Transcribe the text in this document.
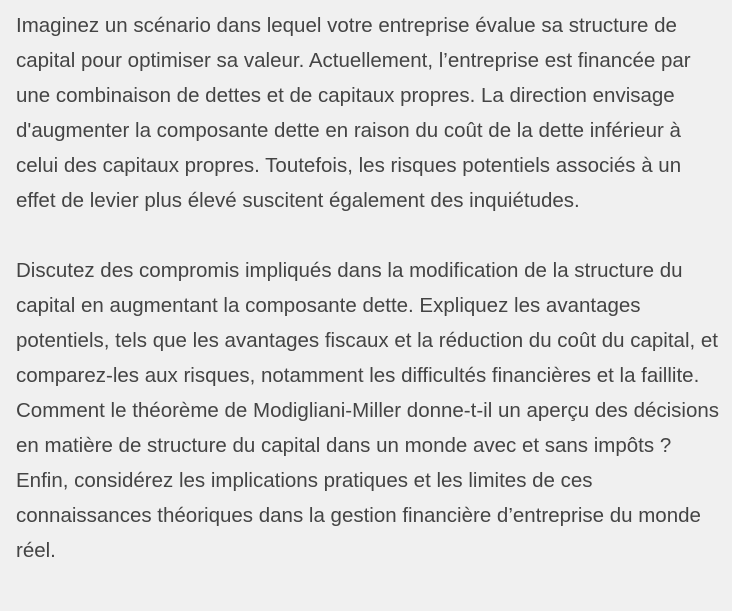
Imaginez un scénario dans lequel votre entreprise évalue sa structure de capital pour optimiser sa valeur. Actuellement, l’entreprise est financée par une combinaison de dettes et de capitaux propres. La direction envisage d'augmenter la composante dette en raison du coût de la dette inférieur à celui des capitaux propres. Toutefois, les risques potentiels associés à un effet de levier plus élevé suscitent également des inquiétudes.

Discutez des compromis impliqués dans la modification de la structure du capital en augmentant la composante dette. Expliquez les avantages potentiels, tels que les avantages fiscaux et la réduction du coût du capital, et comparez-les aux risques, notamment les difficultés financières et la faillite. Comment le théorème de Modigliani-Miller donne-t-il un aperçu des décisions en matière de structure du capital dans un monde avec et sans impôts ? Enfin, considérez les implications pratiques et les limites de ces connaissances théoriques dans la gestion financière d’entreprise du monde réel.
